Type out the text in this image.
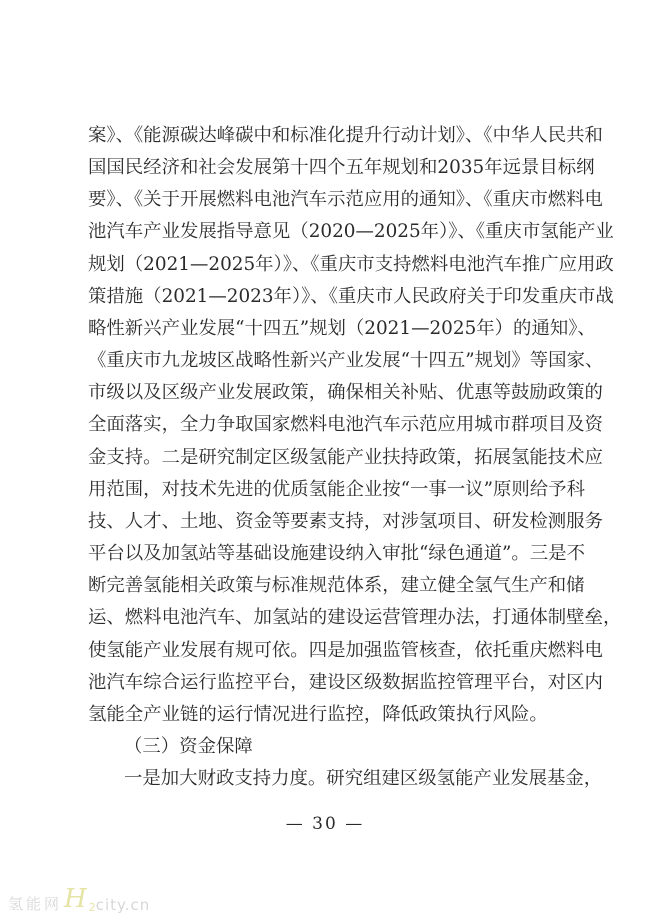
案》、《能源碳达峰碳中和标准化提升行动计划》、《中华人民共和
国国民经济和社会发展第十四个五年规划和2035年远景目标纲
要》、《关于开展燃料电池汽车示范应用的通知》、《重庆市燃料电
池汽车产业发展指导意见（2020—2025年）》、《重庆市氢能产业
规划（2021—2025年）》、《重庆市支持燃料电池汽车推广应用政
策措施（2021—2023年）》、《重庆市人民政府关于印发重庆市战
略性新兴产业发展“十四五”规划（2021—2025年）的通知》、
《重庆市九龙坡区战略性新兴产业发展“十四五”规划》等国家、
市级以及区级产业发展政策，确保相关补贴、优惠等鼓励政策的
全面落实，全力争取国家燃料电池汽车示范应用城市群项目及资
金支持。二是研究制定区级氢能产业扶持政策，拓展氢能技术应
用范围，对技术先进的优质氢能企业按“一事一议”原则给予科
技、人才、土地、资金等要素支持，对涉氢项目、研发检测服务
平台以及加氢站等基础设施建设纳入审批“绿色通道”。三是不
断完善氢能相关政策与标准规范体系，建立健全氢气生产和储
运、燃料电池汽车、加氢站的建设运营管理办法，打通体制壁垒，
使氢能产业发展有规可依。四是加强监管核查，依托重庆燃料电
池汽车综合运行监控平台，建设区级数据监控管理平台，对区内
氢能全产业链的运行情况进行监控，降低政策执行风险。
（三）资金保障
一是加大财政支持力度。研究组建区级氢能产业发展基金，
— 30 —
氢能网 H 2 city.cn
